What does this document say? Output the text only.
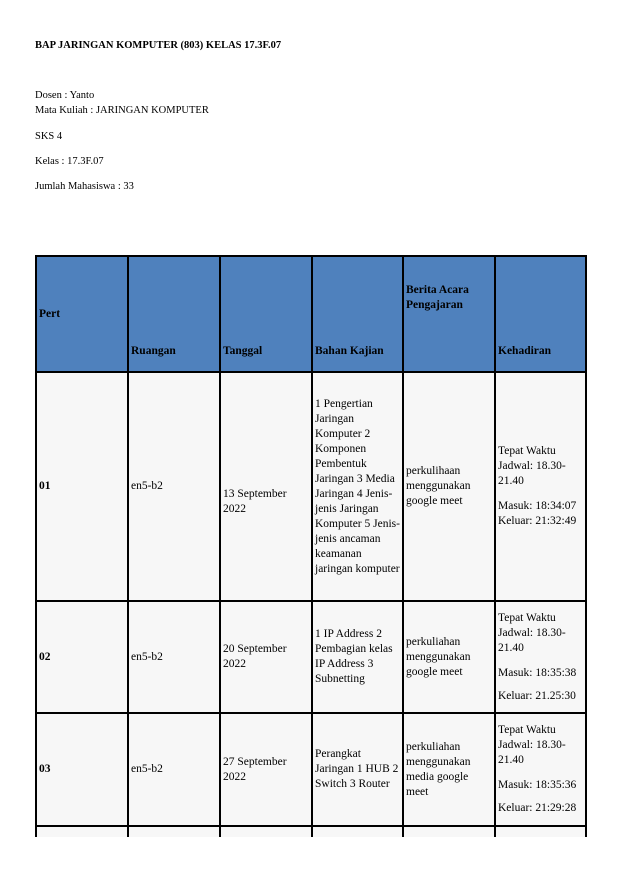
BAP JARINGAN KOMPUTER (803) KELAS 17.3F.07
Dosen : Yanto
Mata Kuliah : JARINGAN KOMPUTER
SKS 4
Kelas : 17.3F.07
Jumlah Mahasiswa : 33
Pert	Ruangan	Tanggal	Bahan Kajian	Berita Acara Pengajaran	Kehadiran
01	en5-b2	13 September 2022	1 Pengertian Jaringan Komputer 2 Komponen Pembentuk Jaringan 3 Media Jaringan 4 Jenis-jenis Jaringan Komputer 5 Jenis-jenis ancaman keamanan jaringan komputer	perkulihaan menggunakan google meet	Tepat Waktu
Jadwal: 18.30-21.40
Masuk: 18:34:07
Keluar: 21:32:49

02	en5-b2	20 September 2022	1 IP Address 2 Pembagian kelas IP Address 3 Subnetting	perkuliahan menggunakan google meet	Tepat Waktu
Jadwal: 18.30-21.40
Masuk: 18:35:38
Keluar: 21.25:30

03	en5-b2	27 September 2022	Perangkat Jaringan 1 HUB 2 Switch 3 Router	perkuliahan menggunakan media google meet	Tepat Waktu
Jadwal: 18.30-21.40
Masuk: 18:35:36
Keluar: 21:29:28
